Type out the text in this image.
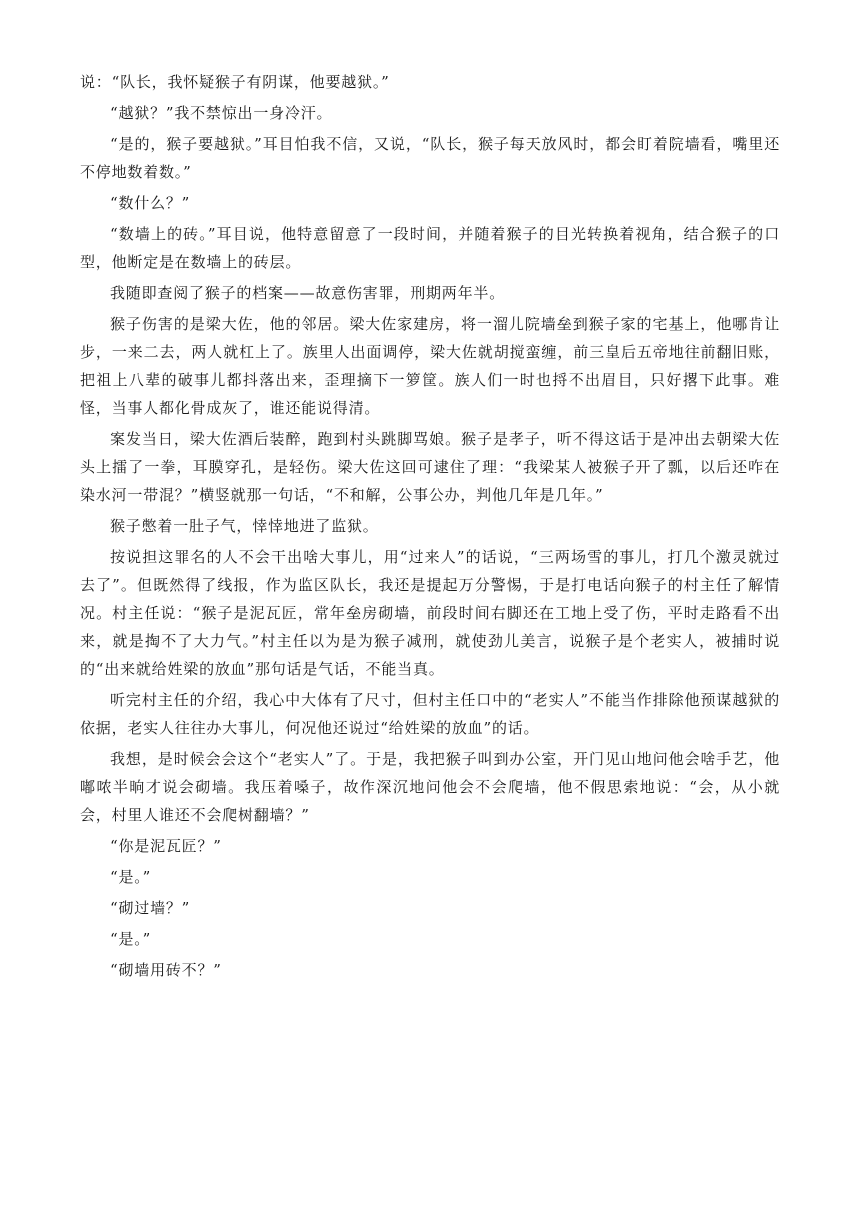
说：“队长，我怀疑猴子有阴谋，他要越狱。”

“越狱？”我不禁惊出一身冷汗。

“是的，猴子要越狱。”耳目怕我不信，又说，“队长，猴子每天放风时，都会盯着院墙看，嘴里还不停地数着数。”

“数什么？”

“数墙上的砖。”耳目说，他特意留意了一段时间，并随着猴子的目光转换着视角，结合猴子的口型，他断定是在数墙上的砖层。

我随即查阅了猴子的档案——故意伤害罪，刑期两年半。

猴子伤害的是梁大佐，他的邻居。梁大佐家建房，将一溜儿院墙垒到猴子家的宅基上，他哪肯让步，一来二去，两人就杠上了。族里人出面调停，梁大佐就胡搅蛮缠，前三皇后五帝地往前翻旧账，把祖上八辈的破事儿都抖落出来，歪理摘下一箩筐。族人们一时也捋不出眉目，只好撂下此事。难怪，当事人都化骨成灰了，谁还能说得清。

案发当日，梁大佐酒后装醉，跑到村头跳脚骂娘。猴子是孝子，听不得这话于是冲出去朝梁大佐头上擂了一拳，耳膜穿孔，是轻伤。梁大佐这回可逮住了理：“我梁某人被猴子开了瓢，以后还咋在染水河一带混？”横竖就那一句话，“不和解，公事公办，判他几年是几年。”

猴子憋着一肚子气，悻悻地进了监狱。

按说担这罪名的人不会干出啥大事儿，用“过来人”的话说，“三两场雪的事儿，打几个激灵就过去了”。但既然得了线报，作为监区队长，我还是提起万分警惕，于是打电话向猴子的村主任了解情况。村主任说：“猴子是泥瓦匠，常年垒房砌墙，前段时间右脚还在工地上受了伤，平时走路看不出来，就是掏不了大力气。”村主任以为是为猴子减刑，就使劲儿美言，说猴子是个老实人，被捕时说的“出来就给姓梁的放血”那句话是气话，不能当真。

听完村主任的介绍，我心中大体有了尺寸，但村主任口中的“老实人”不能当作排除他预谋越狱的依据，老实人往往办大事儿，何况他还说过“给姓梁的放血”的话。

我想，是时候会会这个“老实人”了。于是，我把猴子叫到办公室，开门见山地问他会啥手艺，他嘟哝半晌才说会砌墙。我压着嗓子，故作深沉地问他会不会爬墙，他不假思索地说：“会，从小就会，村里人谁还不会爬树翻墙？”

“你是泥瓦匠？”

“是。”

“砌过墙？”

“是。”

“砌墙用砖不？”
